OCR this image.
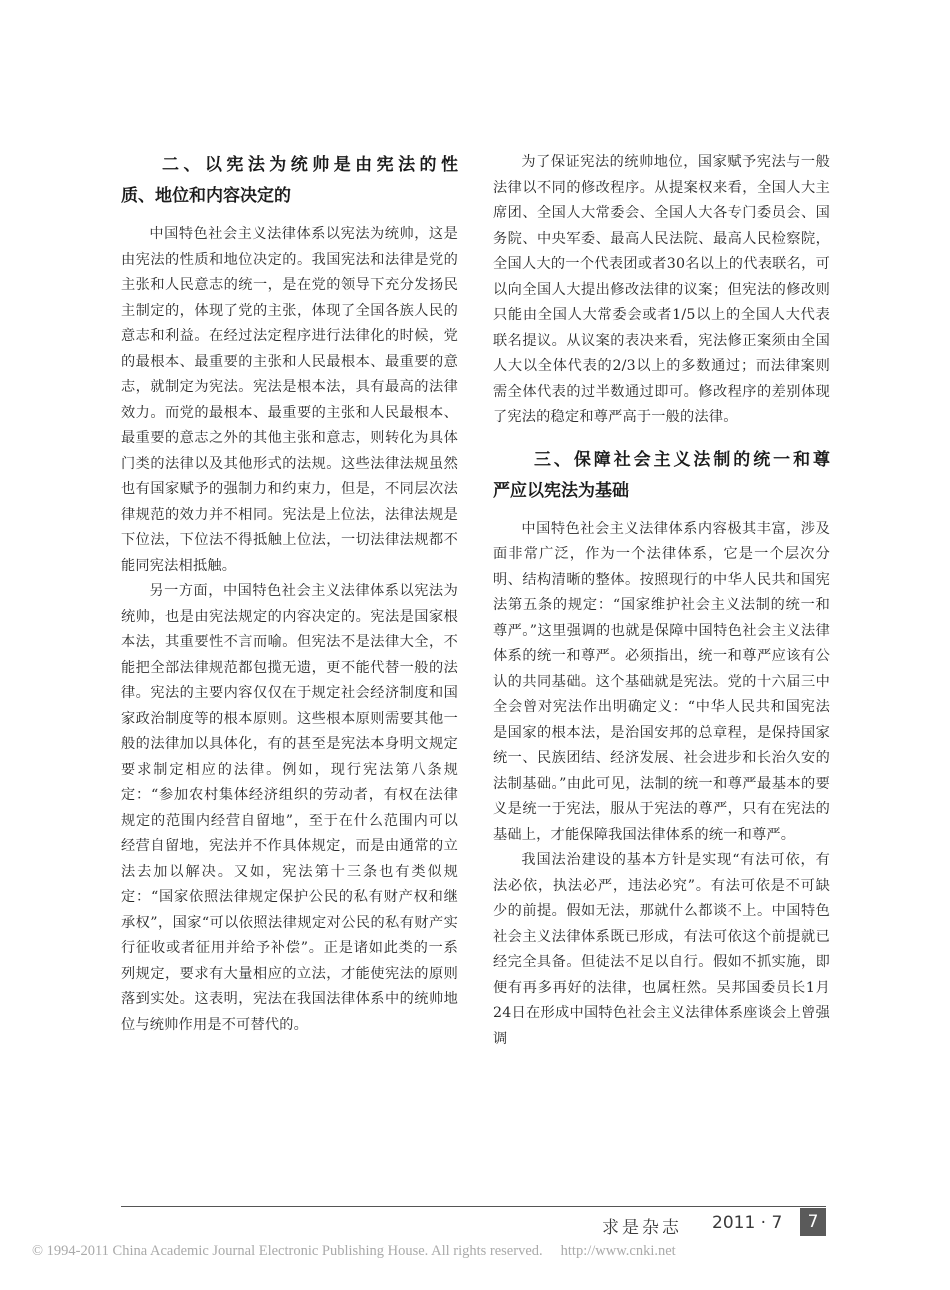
二、以宪法为统帅是由宪法的性
质、地位和内容决定的

中国特色社会主义法律体系以宪法为统帅，这是由宪法的性质和地位决定的。我国宪法和法律是党的主张和人民意志的统一，是在党的领导下充分发扬民主制定的，体现了党的主张，体现了全国各族人民的意志和利益。在经过法定程序进行法律化的时候，党的最根本、最重要的主张和人民最根本、最重要的意志，就制定为宪法。宪法是根本法，具有最高的法律效力。而党的最根本、最重要的主张和人民最根本、最重要的意志之外的其他主张和意志，则转化为具体门类的法律以及其他形式的法规。这些法律法规虽然也有国家赋予的强制力和约束力，但是，不同层次法律规范的效力并不相同。宪法是上位法，法律法规是下位法，下位法不得抵触上位法，一切法律法规都不能同宪法相抵触。

另一方面，中国特色社会主义法律体系以宪法为统帅，也是由宪法规定的内容决定的。宪法是国家根本法，其重要性不言而喻。但宪法不是法律大全，不能把全部法律规范都包揽无遗，更不能代替一般的法律。宪法的主要内容仅仅在于规定社会经济制度和国家政治制度等的根本原则。这些根本原则需要其他一般的法律加以具体化，有的甚至是宪法本身明文规定要求制定相应的法律。例如，现行宪法第八条规定：“参加农村集体经济组织的劳动者，有权在法律规定的范围内经营自留地”，至于在什么范围内可以经营自留地，宪法并不作具体规定，而是由通常的立法去加以解决。又如，宪法第十三条也有类似规定：“国家依照法律规定保护公民的私有财产权和继承权”，国家“可以依照法律规定对公民的私有财产实行征收或者征用并给予补偿”。正是诸如此类的一系列规定，要求有大量相应的立法，才能使宪法的原则落到实处。这表明，宪法在我国法律体系中的统帅地位与统帅作用是不可替代的。

为了保证宪法的统帅地位，国家赋予宪法与一般法律以不同的修改程序。从提案权来看，全国人大主席团、全国人大常委会、全国人大各专门委员会、国务院、中央军委、最高人民法院、最高人民检察院，全国人大的一个代表团或者30名以上的代表联名，可以向全国人大提出修改法律的议案；但宪法的修改则只能由全国人大常委会或者1/5以上的全国人大代表联名提议。从议案的表决来看，宪法修正案须由全国人大以全体代表的2/3以上的多数通过；而法律案则需全体代表的过半数通过即可。修改程序的差别体现了宪法的稳定和尊严高于一般的法律。

三、保障社会主义法制的统一和尊
严应以宪法为基础

中国特色社会主义法律体系内容极其丰富，涉及面非常广泛，作为一个法律体系，它是一个层次分明、结构清晰的整体。按照现行的中华人民共和国宪法第五条的规定：“国家维护社会主义法制的统一和尊严。”这里强调的也就是保障中国特色社会主义法律体系的统一和尊严。必须指出，统一和尊严应该有公认的共同基础。这个基础就是宪法。党的十六届三中全会曾对宪法作出明确定义：“中华人民共和国宪法是国家的根本法，是治国安邦的总章程，是保持国家统一、民族团结、经济发展、社会进步和长治久安的法制基础。”由此可见，法制的统一和尊严最基本的要义是统一于宪法，服从于宪法的尊严，只有在宪法的基础上，才能保障我国法律体系的统一和尊严。

我国法治建设的基本方针是实现“有法可依，有法必依，执法必严，违法必究”。有法可依是不可缺少的前提。假如无法，那就什么都谈不上。中国特色社会主义法律体系既已形成，有法可依这个前提就已经完全具备。但徒法不足以自行。假如不抓实施，即便有再多再好的法律，也属枉然。吴邦国委员长1月24日在形成中国特色社会主义法律体系座谈会上曾强调

求是杂志 2011 · 7	7
© 1994-2011 China Academic Journal Electronic Publishing House. All rights reserved. http://www.cnki.net
